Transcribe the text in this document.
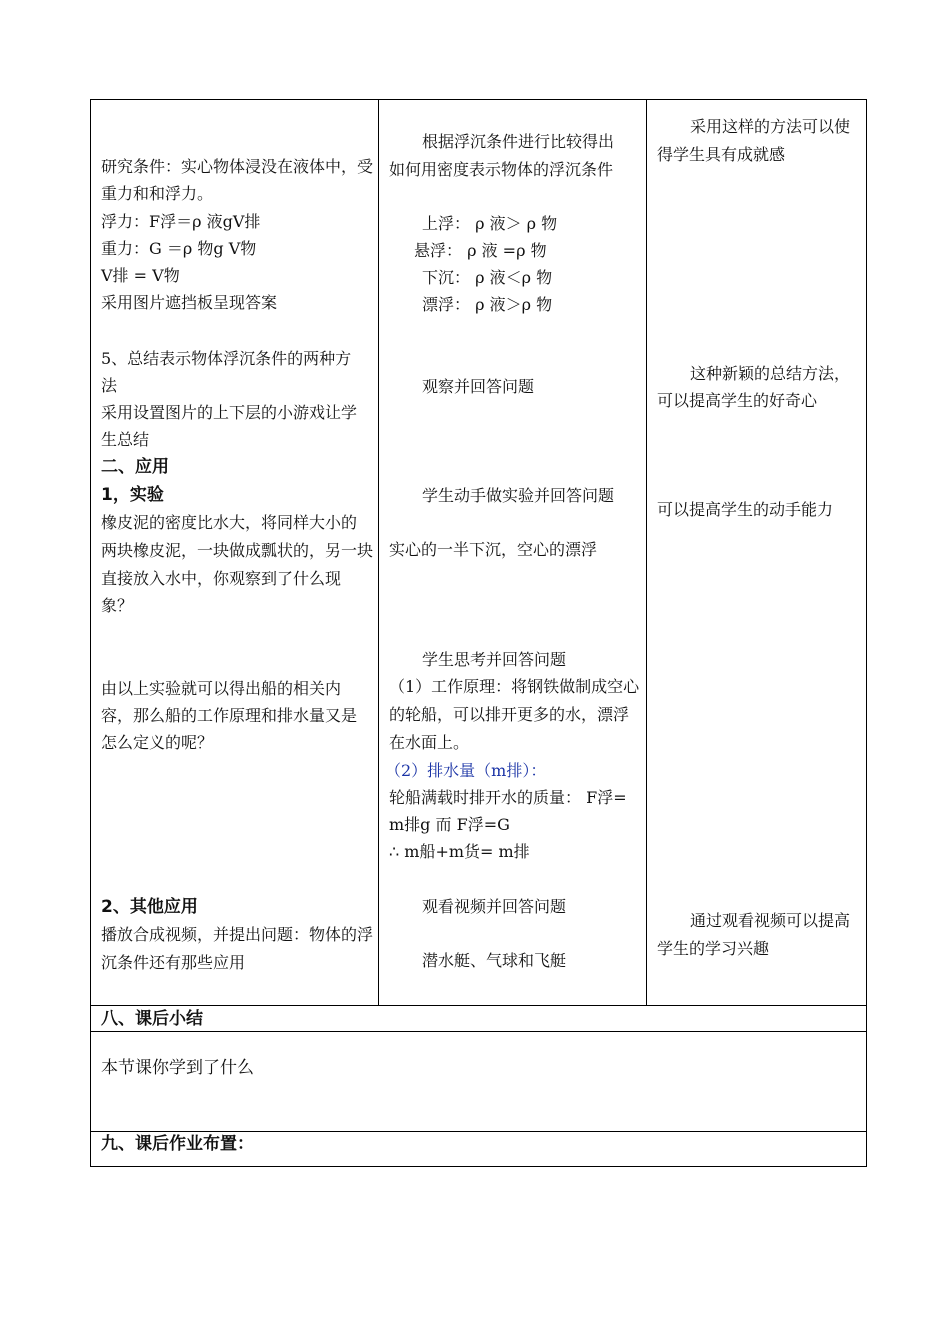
研究条件：实心物体浸没在液体中，受
重力和和浮力。
浮力：F浮＝ρ 液gV排
重力：G ＝ρ 物g V物
V排 = V物
采用图片遮挡板呈现答案
5、总结表示物体浮沉条件的两种方
法
采用设置图片的上下层的小游戏让学
生总结
二、应用
1，实验
橡皮泥的密度比水大，将同样大小的
两块橡皮泥，一块做成瓢状的，另一块
直接放入水中，你观察到了什么现
象？
由以上实验就可以得出船的相关内
容，那么船的工作原理和排水量又是
怎么定义的呢？
2、其他应用
播放合成视频，并提出问题：物体的浮
沉条件还有那些应用
根据浮沉条件进行比较得出
如何用密度表示物体的浮沉条件
上浮： ρ 液＞ ρ 物
悬浮： ρ 液 =ρ 物
下沉： ρ 液＜ρ 物
漂浮： ρ 液＞ρ 物
观察并回答问题
学生动手做实验并回答问题
实心的一半下沉，空心的漂浮
学生思考并回答问题
（1）工作原理：将钢铁做制成空心
的轮船，可以排开更多的水，漂浮
在水面上。
（2）排水量（m排）：
轮船满载时排开水的质量： F浮=
m排g 而 F浮=G
∴ m船+m货= m排
观看视频并回答问题
潜水艇、气球和飞艇
采用这样的方法可以使
得学生具有成就感
这种新颖的总结方法，
可以提高学生的好奇心
可以提高学生的动手能力
通过观看视频可以提高
学生的学习兴趣
八、课后小结
本节课你学到了什么
九、课后作业布置：
